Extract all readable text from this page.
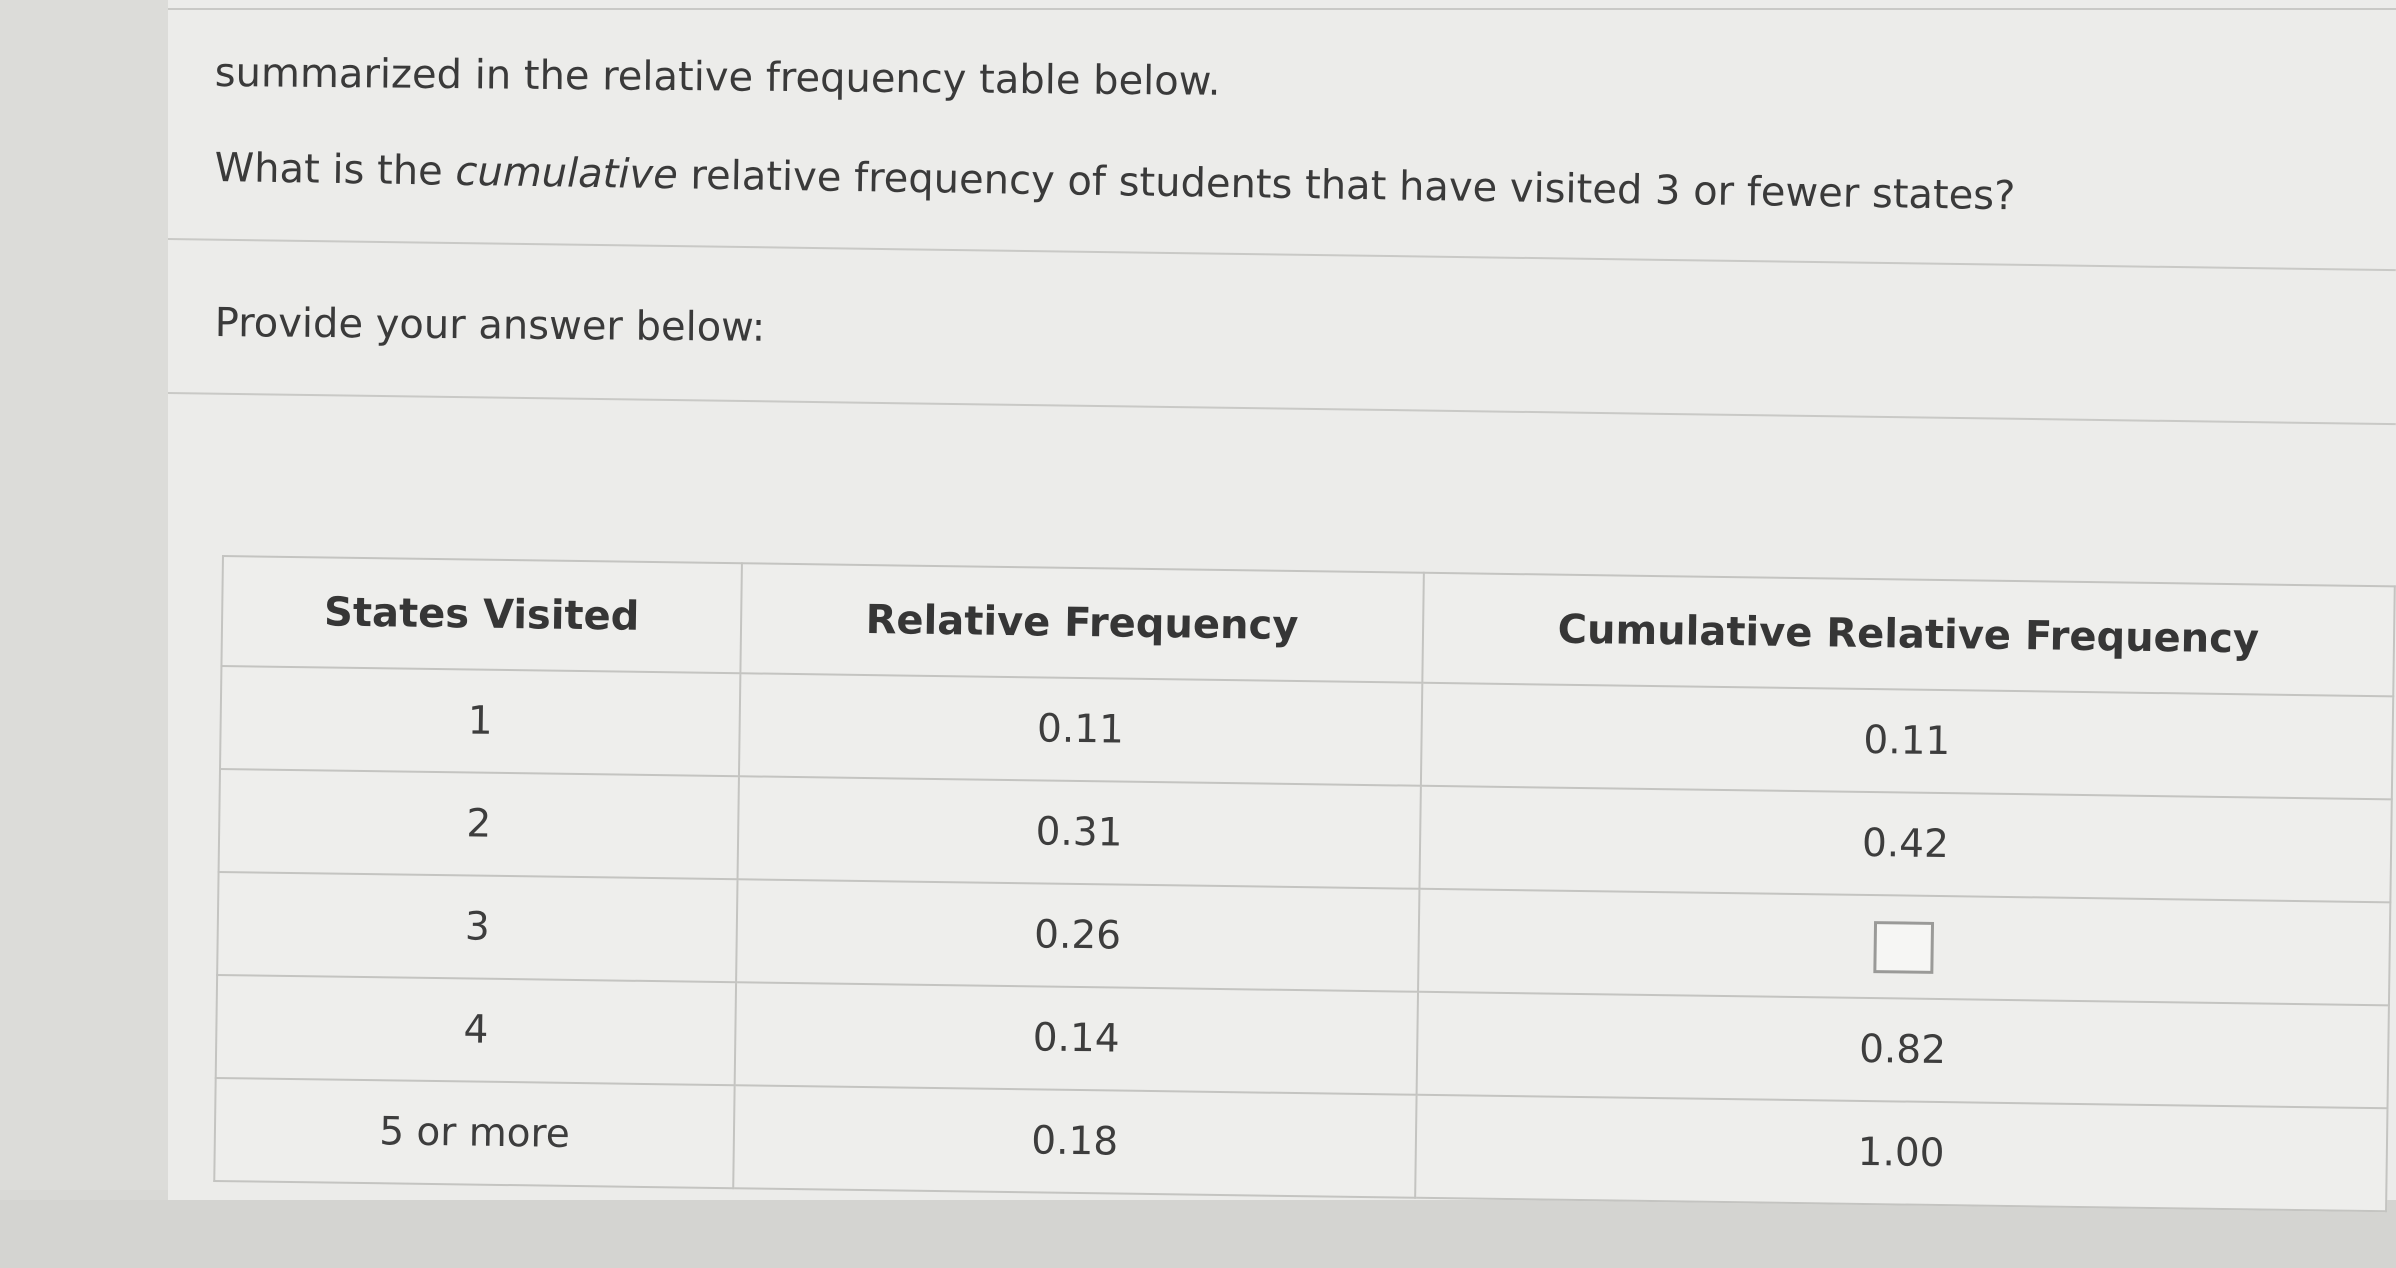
summarized in the relative frequency table below.
What is the cumulative relative frequency of students that have visited 3 or fewer states?
Provide your answer below:
States Visited	Relative Frequency	Cumulative Relative Frequency
1	0.11	0.11
2	0.31	0.42
3	0.26	
4	0.14	0.82
5 or more	0.18	1.00
